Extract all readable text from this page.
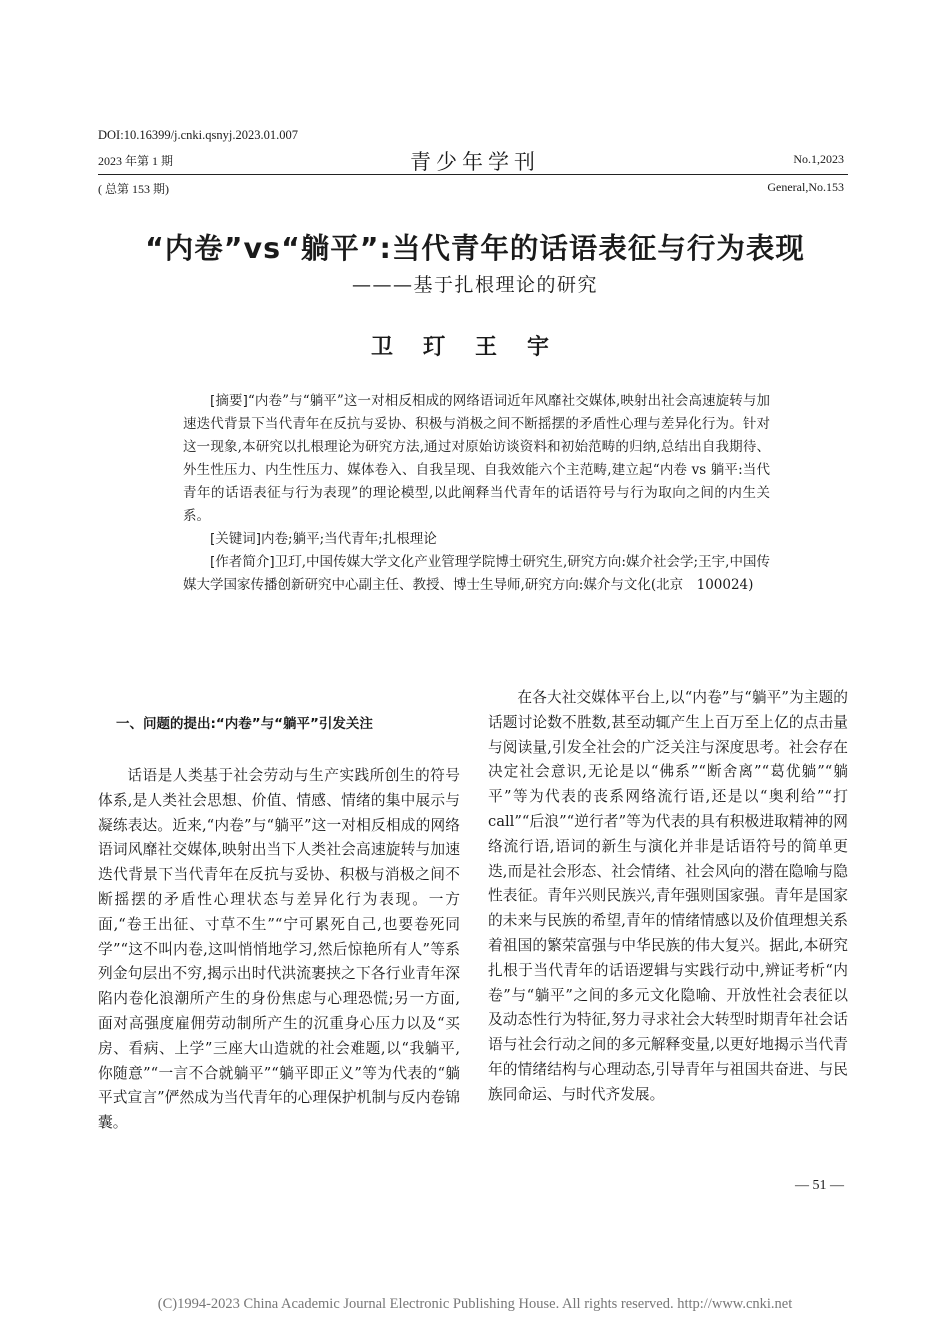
DOI:10.16399/j.cnki.qsnyj.2023.01.007
2023 年第 1 期	青少年学刊	No.1,2023
( 总第 153 期)	General,No.153
“内卷”vs“躺平”:当代青年的话语表征与行为表现
———基于扎根理论的研究
卫玎王宇

[摘要]“内卷”与“躺平”这一对相反相成的网络语词近年风靡社交媒体,映射出社会高速旋转与加速迭代背景下当代青年在反抗与妥协、积极与消极之间不断摇摆的矛盾性心理与差异化行为。针对这一现象,本研究以扎根理论为研究方法,通过对原始访谈资料和初始范畴的归纳,总结出自我期待、外生性压力、内生性压力、媒体卷入、自我呈现、自我效能六个主范畴,建立起“内卷 vs 躺平:当代青年的话语表征与行为表现”的理论模型,以此阐释当代青年的话语符号与行为取向之间的内生关系。

[关键词]内卷;躺平;当代青年;扎根理论

[作者简介]卫玎,中国传媒大学文化产业管理学院博士研究生,研究方向:媒介社会学;王宇,中国传媒大学国家传播创新研究中心副主任、教授、博士生导师,研究方向:媒介与文化(北京　100024)

一、问题的提出:“内卷”与“躺平”引发关注

话语是人类基于社会劳动与生产实践所创生的符号体系,是人类社会思想、价值、情感、情绪的集中展示与凝练表达。近来,“内卷”与“躺平”这一对相反相成的网络语词风靡社交媒体,映射出当下人类社会高速旋转与加速迭代背景下当代青年在反抗与妥协、积极与消极之间不断摇摆的矛盾性心理状态与差异化行为表现。一方面,“卷王出征、寸草不生”“宁可累死自己,也要卷死同学”“这不叫内卷,这叫悄悄地学习,然后惊艳所有人”等系列金句层出不穷,揭示出时代洪流裹挟之下各行业青年深陷内卷化浪潮所产生的身份焦虑与心理恐慌;另一方面,面对高强度雇佣劳动制所产生的沉重身心压力以及“买房、看病、上学”三座大山造就的社会难题,以“我躺平,你随意”“一言不合就躺平”“躺平即正义”等为代表的“躺平式宣言”俨然成为当代青年的心理保护机制与反内卷锦囊。

在各大社交媒体平台上,以“内卷”与“躺平”为主题的话题讨论数不胜数,甚至动辄产生上百万至上亿的点击量与阅读量,引发全社会的广泛关注与深度思考。社会存在决定社会意识,无论是以“佛系”“断舍离”“葛优躺”“躺平”等为代表的丧系网络流行语,还是以“奥利给”“打 call”“后浪”“逆行者”等为代表的具有积极进取精神的网络流行语,语词的新生与演化并非是话语符号的简单更迭,而是社会形态、社会情绪、社会风向的潜在隐喻与隐性表征。青年兴则民族兴,青年强则国家强。青年是国家的未来与民族的希望,青年的情绪情感以及价值理想关系着祖国的繁荣富强与中华民族的伟大复兴。据此,本研究扎根于当代青年的话语逻辑与实践行动中,辨证考析“内卷”与“躺平”之间的多元文化隐喻、开放性社会表征以及动态性行为特征,努力寻求社会大转型时期青年社会话语与社会行动之间的多元解释变量,以更好地揭示当代青年的情绪结构与心理动态,引导青年与祖国共奋进、与民族同命运、与时代齐发展。

— 51 —
(C)1994-2023 China Academic Journal Electronic Publishing House. All rights reserved. http://www.cnki.net
